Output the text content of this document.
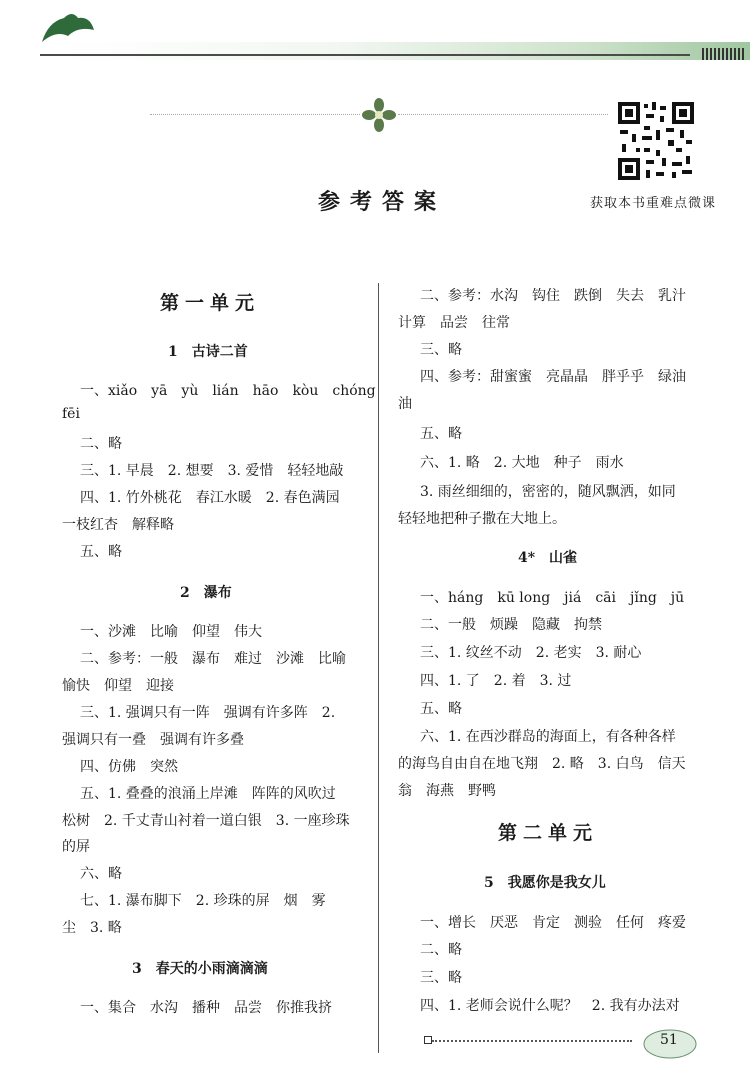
获取本书重难点微课
参考答案
第一单元
1　古诗二首
一、xiǎo　yā　yù　lián　hāo　kòu　chóng
fēi
二、略
三、1. 早晨　2. 想要　3. 爱惜　轻轻地敲
四、1. 竹外桃花　春江水暖　2. 春色满园
一枝红杏　解释略
五、略
2　瀑布
一、沙滩　比喻　仰望　伟大
二、参考：一般　瀑布　难过　沙滩　比喻
愉快　仰望　迎接
三、1. 强调只有一阵　强调有许多阵　2.
强调只有一叠　强调有许多叠
四、仿佛　突然
五、1. 叠叠的浪涌上岸滩　阵阵的风吹过
松树　2. 千丈青山衬着一道白银　3. 一座珍珠
的屏
六、略
七、1. 瀑布脚下　2. 珍珠的屏　烟　雾
尘　3. 略
3　春天的小雨滴滴滴
一、集合　水沟　播种　品尝　你推我挤
二、参考：水沟　钩住　跌倒　失去　乳汁
计算　品尝　往常
三、略
四、参考：甜蜜蜜　亮晶晶　胖乎乎　绿油
油
五、略
六、1. 略　2. 大地　种子　雨水
3. 雨丝细细的，密密的，随风飘洒，如同
轻轻地把种子撒在大地上。
4*　山雀
一、háng　kū long　jiá　cāi　jǐng　jū
二、一般　烦躁　隐藏　拘禁
三、1. 纹丝不动　2. 老实　3. 耐心
四、1. 了　2. 着　3. 过
五、略
六、1. 在西沙群岛的海面上，有各种各样
的海鸟自由自在地飞翔　2. 略　3. 白鸟　信天
翁　海燕　野鸭
第二单元
5　我愿你是我女儿
一、增长　厌恶　肯定　测验　任何　疼爱
二、略
三、略
四、1. 老师会说什么呢？　2. 我有办法对
51
